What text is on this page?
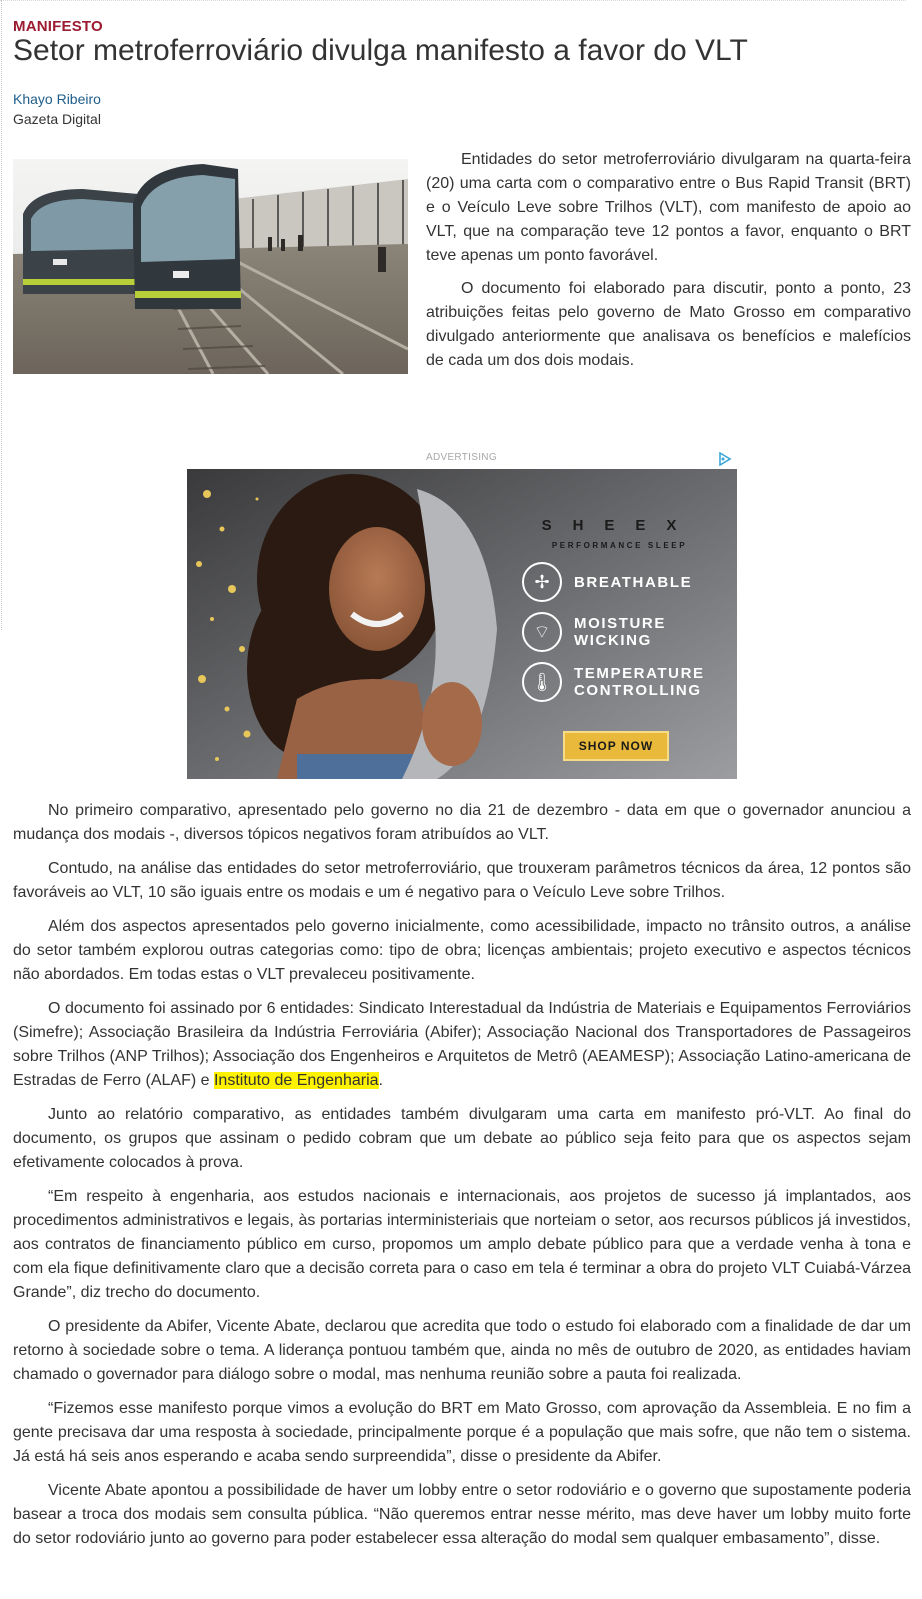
MANIFESTO
Setor metroferroviário divulga manifesto a favor do VLT
Khayo Ribeiro
Gazeta Digital

Entidades do setor metroferroviário divulgaram na quarta-feira (20) uma carta com o comparativo entre o Bus Rapid Transit (BRT) e o Veículo Leve sobre Trilhos (VLT), com manifesto de apoio ao VLT, que na comparação teve 12 pontos a favor, enquanto o BRT teve apenas um ponto favorável.

O documento foi elaborado para discutir, ponto a ponto, 23 atribuições feitas pelo governo de Mato Grosso em comparativo divulgado anteriormente que analisava os benefícios e malefícios de cada um dos dois modais.

ADVERTISING
SHEEX
PERFORMANCE SLEEP
✢	BREATHABLE
⌔	MOISTURE WICKING
🌡	TEMPERATURE CONTROLLING
SHOP NOW

No primeiro comparativo, apresentado pelo governo no dia 21 de dezembro - data em que o governador anunciou a mudança dos modais -, diversos tópicos negativos foram atribuídos ao VLT.

Contudo, na análise das entidades do setor metroferroviário, que trouxeram parâmetros técnicos da área, 12 pontos são favoráveis ao VLT, 10 são iguais entre os modais e um é negativo para o Veículo Leve sobre Trilhos.

Além dos aspectos apresentados pelo governo inicialmente, como acessibilidade, impacto no trânsito outros, a análise do setor também explorou outras categorias como: tipo de obra; licenças ambientais; projeto executivo e aspectos técnicos não abordados. Em todas estas o VLT prevaleceu positivamente.

O documento foi assinado por 6 entidades: Sindicato Interestadual da Indústria de Materiais e Equipamentos Ferroviários (Simefre); Associação Brasileira da Indústria Ferroviária (Abifer); Associação Nacional dos Transportadores de Passageiros sobre Trilhos (ANP Trilhos); Associação dos Engenheiros e Arquitetos de Metrô (AEAMESP); Associação Latino-americana de Estradas de Ferro (ALAF) e Instituto de Engenharia.

Junto ao relatório comparativo, as entidades também divulgaram uma carta em manifesto pró-VLT. Ao final do documento, os grupos que assinam o pedido cobram que um debate ao público seja feito para que os aspectos sejam efetivamente colocados à prova.

“Em respeito à engenharia, aos estudos nacionais e internacionais, aos projetos de sucesso já implantados, aos procedimentos administrativos e legais, às portarias interministeriais que norteiam o setor, aos recursos públicos já investidos, aos contratos de financiamento público em curso, propomos um amplo debate público para que a verdade venha à tona e com ela fique definitivamente claro que a decisão correta para o caso em tela é terminar a obra do projeto VLT Cuiabá-Várzea Grande”, diz trecho do documento.

O presidente da Abifer, Vicente Abate, declarou que acredita que todo o estudo foi elaborado com a finalidade de dar um retorno à sociedade sobre o tema. A liderança pontuou também que, ainda no mês de outubro de 2020, as entidades haviam chamado o governador para diálogo sobre o modal, mas nenhuma reunião sobre a pauta foi realizada.

“Fizemos esse manifesto porque vimos a evolução do BRT em Mato Grosso, com aprovação da Assembleia. E no fim a gente precisava dar uma resposta à sociedade, principalmente porque é a população que mais sofre, que não tem o sistema. Já está há seis anos esperando e acaba sendo surpreendida”, disse o presidente da Abifer.

Vicente Abate apontou a possibilidade de haver um lobby entre o setor rodoviário e o governo que supostamente poderia basear a troca dos modais sem consulta pública. “Não queremos entrar nesse mérito, mas deve haver um lobby muito forte do setor rodoviário junto ao governo para poder estabelecer essa alteração do modal sem qualquer embasamento”, disse.
